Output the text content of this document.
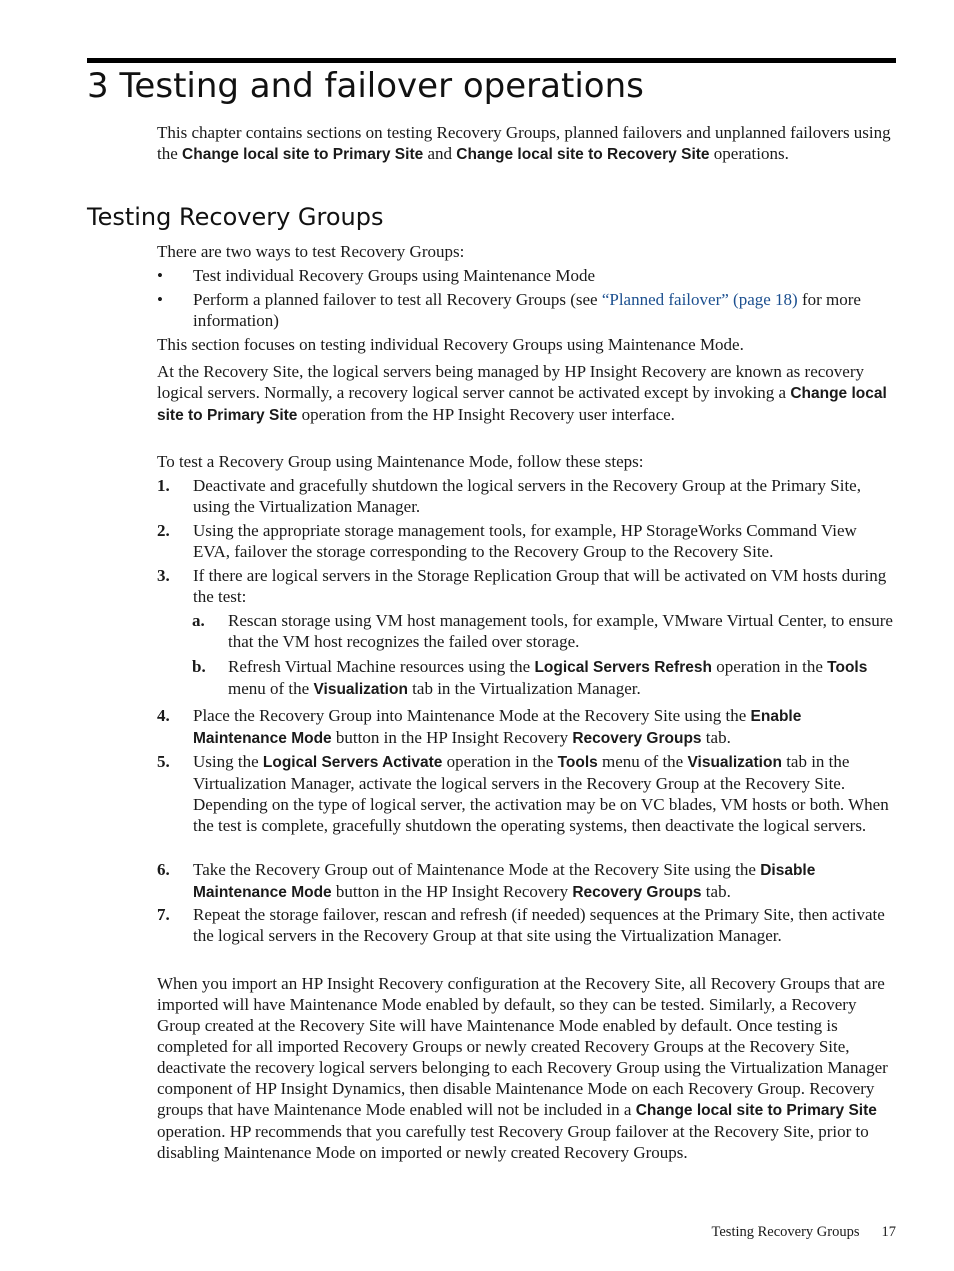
3 Testing and failover operations

This chapter contains sections on testing Recovery Groups, planned failovers and unplanned failovers using the Change local site to Primary Site and Change local site to Recovery Site operations.

Testing Recovery Groups

There are two ways to test Recovery Groups:

•	Test individual Recovery Groups using Maintenance Mode
•	Perform a planned failover to test all Recovery Groups (see “Planned failover” (page 18) for more information)

This section focuses on testing individual Recovery Groups using Maintenance Mode.

At the Recovery Site, the logical servers being managed by HP Insight Recovery are known as recovery logical servers. Normally, a recovery logical server cannot be activated except by invoking a Change local site to Primary Site operation from the HP Insight Recovery user interface.

To test a Recovery Group using Maintenance Mode, follow these steps:

1.	Deactivate and gracefully shutdown the logical servers in the Recovery Group at the Primary Site, using the Virtualization Manager.
2.	Using the appropriate storage management tools, for example, HP StorageWorks Command View EVA, failover the storage corresponding to the Recovery Group to the Recovery Site.
3.	If there are logical servers in the Storage Replication Group that will be activated on VM hosts during the test:
a.	Rescan storage using VM host management tools, for example, VMware Virtual Center, to ensure that the VM host recognizes the failed over storage.
b.	Refresh Virtual Machine resources using the Logical Servers Refresh operation in the Tools menu of the Visualization tab in the Virtualization Manager.
4.	Place the Recovery Group into Maintenance Mode at the Recovery Site using the Enable Maintenance Mode button in the HP Insight Recovery Recovery Groups tab.
5.	Using the Logical Servers Activate operation in the Tools menu of the Visualization tab in the Virtualization Manager, activate the logical servers in the Recovery Group at the Recovery Site. Depending on the type of logical server, the activation may be on VC blades, VM hosts or both. When the test is complete, gracefully shutdown the operating systems, then deactivate the logical servers.
6.	Take the Recovery Group out of Maintenance Mode at the Recovery Site using the Disable Maintenance Mode button in the HP Insight Recovery Recovery Groups tab.
7.	Repeat the storage failover, rescan and refresh (if needed) sequences at the Primary Site, then activate the logical servers in the Recovery Group at that site using the Virtualization Manager.

When you import an HP Insight Recovery configuration at the Recovery Site, all Recovery Groups that are imported will have Maintenance Mode enabled by default, so they can be tested. Similarly, a Recovery Group created at the Recovery Site will have Maintenance Mode enabled by default. Once testing is completed for all imported Recovery Groups or newly created Recovery Groups at the Recovery Site, deactivate the recovery logical servers belonging to each Recovery Group using the Virtualization Manager component of HP Insight Dynamics, then disable Maintenance Mode on each Recovery Group. Recovery groups that have Maintenance Mode enabled will not be included in a Change local site to Primary Site operation. HP recommends that you carefully test Recovery Group failover at the Recovery Site, prior to disabling Maintenance Mode on imported or newly created Recovery Groups.

Testing Recovery Groups 17
